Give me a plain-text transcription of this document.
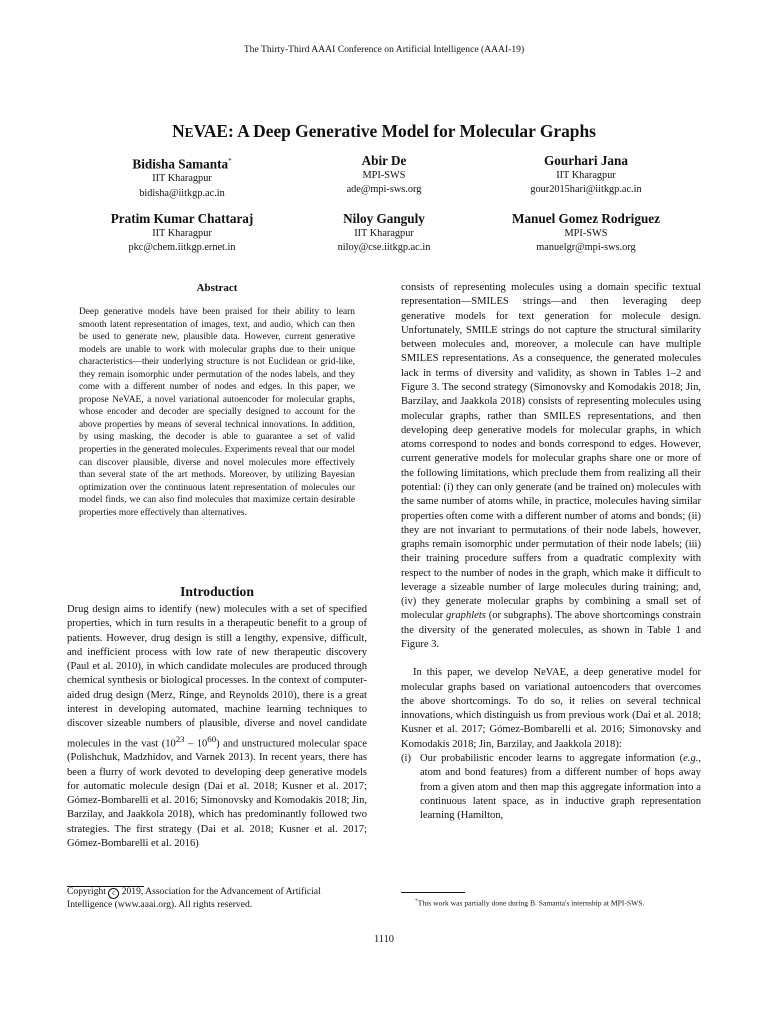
The Thirty-Third AAAI Conference on Artificial Intelligence (AAAI-19)
NEVAE: A Deep Generative Model for Molecular Graphs
Bidisha Samanta*
IIT Kharagpur
bidisha@iitkgp.ac.in
Abir De
MPI-SWS
ade@mpi-sws.org
Gourhari Jana
IIT Kharagpur
gour2015hari@iitkgp.ac.in
Pratim Kumar Chattaraj
IIT Kharagpur
pkc@chem.iitkgp.ernet.in
Niloy Ganguly
IIT Kharagpur
niloy@cse.iitkgp.ac.in
Manuel Gomez Rodriguez
MPI-SWS
manuelgr@mpi-sws.org
Abstract
Deep generative models have been praised for their ability to learn smooth latent representation of images, text, and audio, which can then be used to generate new, plausible data. However, current generative models are unable to work with molecular graphs due to their unique characteristics—their underlying structure is not Euclidean or grid-like, they remain isomorphic under permutation of the nodes labels, and they come with a different number of nodes and edges. In this paper, we propose NeVAE, a novel variational autoencoder for molecular graphs, whose encoder and decoder are specially designed to account for the above properties by means of several technical innovations. In addition, by using masking, the decoder is able to guarantee a set of valid properties in the generated molecules. Experiments reveal that our model can discover plausible, diverse and novel molecules more effectively than several state of the art methods. Moreover, by utilizing Bayesian optimization over the continuous latent representation of molecules our model finds, we can also find molecules that maximize certain desirable properties more effectively than alternatives.
Introduction

Drug design aims to identify (new) molecules with a set of specified properties, which in turn results in a therapeutic benefit to a group of patients. However, drug design is still a lengthy, expensive, difficult, and inefficient process with low rate of new therapeutic discovery (Paul et al. 2010), in which candidate molecules are produced through chemical synthesis or biological processes. In the context of computer-aided drug design (Merz, Ringe, and Reynolds 2010), there is a great interest in developing automated, machine learning techniques to discover sizeable numbers of plausible, diverse and novel candidate molecules in the vast $(10^{23} - 10^{60})$ and unstructured molecular space (Polishchuk, Madzhidov, and Varnek 2013). In recent years, there has been a flurry of work devoted to developing deep generative models for automatic molecule design (Dai et al. 2018; Kusner et al. 2017; Gómez-Bombarelli et al. 2016; Simonovsky and Komodakis 2018; Jin, Barzilay, and Jaakkola 2018), which has predominantly followed two strategies. The first strategy (Dai et al. 2018; Kusner et al. 2017; Gómez-Bombarelli et al. 2016)

consists of representing molecules using a domain specific textual representation—SMILES strings—and then leveraging deep generative models for text generation for molecule design. Unfortunately, SMILE strings do not capture the structural similarity between molecules and, moreover, a molecule can have multiple SMILES representations. As a consequence, the generated molecules lack in terms of diversity and validity, as shown in Tables 1–2 and Figure 3. The second strategy (Simonovsky and Komodakis 2018; Jin, Barzilay, and Jaakkola 2018) consists of representing molecules using molecular graphs, rather than SMILES representations, and then developing deep generative models for molecular graphs, in which atoms correspond to nodes and bonds correspond to edges. However, current generative models for molecular graphs share one or more of the following limitations, which preclude them from realizing all their potential: (i) they can only generate (and be trained on) molecules with the same number of atoms while, in practice, molecules having similar properties often come with a different number of atoms and bonds; (ii) they are not invariant to permutations of their node labels, however, graphs remain isomorphic under permutation of their node labels; (iii) their training procedure suffers from a quadratic complexity with respect to the number of nodes in the graph, which make it difficult to leverage a sizeable number of large molecules during training; and, (iv) they generate molecular graphs by combining a small set of molecular graphlets (or subgraphs). The above shortcomings constrain the diversity of the generated molecules, as shown in Table 1 and Figure 3.

In this paper, we develop NeVAE, a deep generative model for molecular graphs based on variational autoencoders that overcomes the above shortcomings. To do so, it relies on several technical innovations, which distinguish us from previous work (Dai et al. 2018; Kusner et al. 2017; Gómez-Bombarelli et al. 2016; Simonovsky and Komodakis 2018; Jin, Barzilay, and Jaakkola 2018):

(i) Our probabilistic encoder learns to aggregate information (e.g., atom and bond features) from a different number of hops away from a given atom and then map this aggregate information into a continuous latent space, as in inductive graph representation learning (Hamilton,
Copyright c 2019, Association for the Advancement of Artificial Intelligence (www.aaai.org). All rights reserved.	*This work was partially done during B. Samanta's internship at MPI-SWS.
1110
